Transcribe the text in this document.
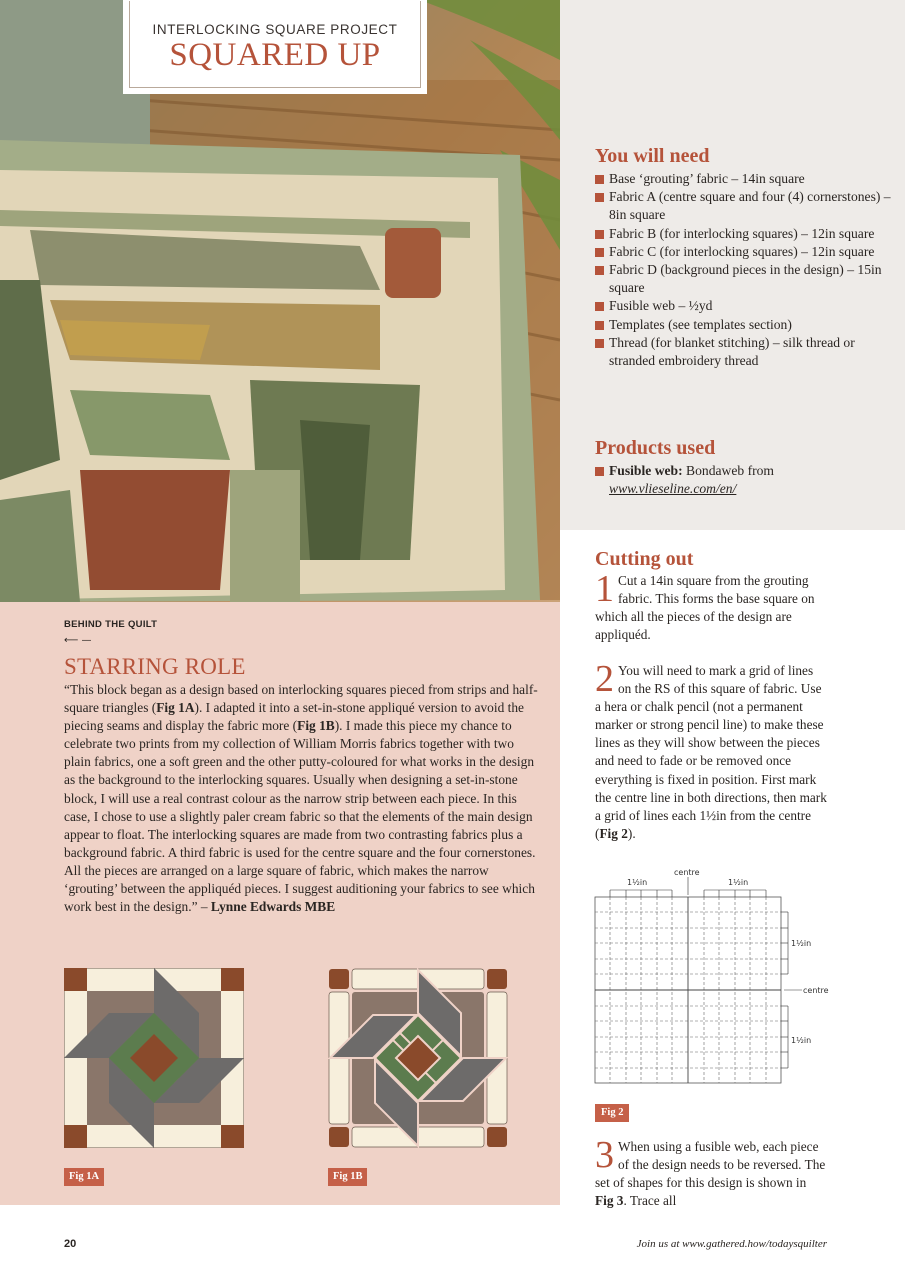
INTERLOCKING SQUARE PROJECT
SQUARED UP
You will need
Base ‘grouting’ fabric – 14in square
Fabric A (centre square and four (4) cornerstones) – 8in square
Fabric B (for interlocking squares) – 12in square
Fabric C (for interlocking squares) – 12in square
Fabric D (background pieces in the design) – 15in square
Fusible web – ½yd
Templates (see templates section)
Thread (for blanket stitching) – silk thread or stranded embroidery thread
Products used
Fusible web: Bondaweb from
www.vlieseline.com/en/
BEHIND THE QUILT
⟵ —
STARRING ROLE

“This block began as a design based on interlocking squares pieced from strips and half-square triangles (Fig 1A). I adapted it into a set-in-stone appliqué version to avoid the piecing seams and display the fabric more (Fig 1B). I made this piece my chance to celebrate two prints from my collection of William Morris fabrics together with two plain fabrics, one a soft green and the other putty-coloured for what works in the design as the background to the interlocking squares. Usually when designing a set-in-stone block, I will use a real contrast colour as the narrow strip between each piece. In this case, I chose to use a slightly paler cream fabric so that the elements of the main design appear to float. The interlocking squares are made from two contrasting fabrics plus a background fabric. A third fabric is used for the centre square and the four cornerstones. All the pieces are arranged on a large square of fabric, which makes the narrow ‘grouting’ between the appliquéd pieces. I suggest auditioning your fabrics to see which work best in the design.” – Lynne Edwards MBE

Fig 1A	Fig 1B
Cutting out

1 Cut a 14in square from the grouting fabric. This forms the base square on which all the pieces of the design are appliquéd.

2 You will need to mark a grid of lines on the RS of this square of fabric. Use a hera or chalk pencil (not a permanent marker or strong pencil line) to make these lines as they will show between the pieces and need to fade or be removed once everything is fixed in position. First mark the centre line in both directions, then mark a grid of lines each 1½in from the centre (Fig 2).

1½in
centre
1½in
1½in
centre
1½in
Fig 2

3 When using a fusible web, each piece of the design needs to be reversed. The set of shapes for this design is shown in Fig 3. Trace all

20	Join us at www.gathered.how/todaysquilter
